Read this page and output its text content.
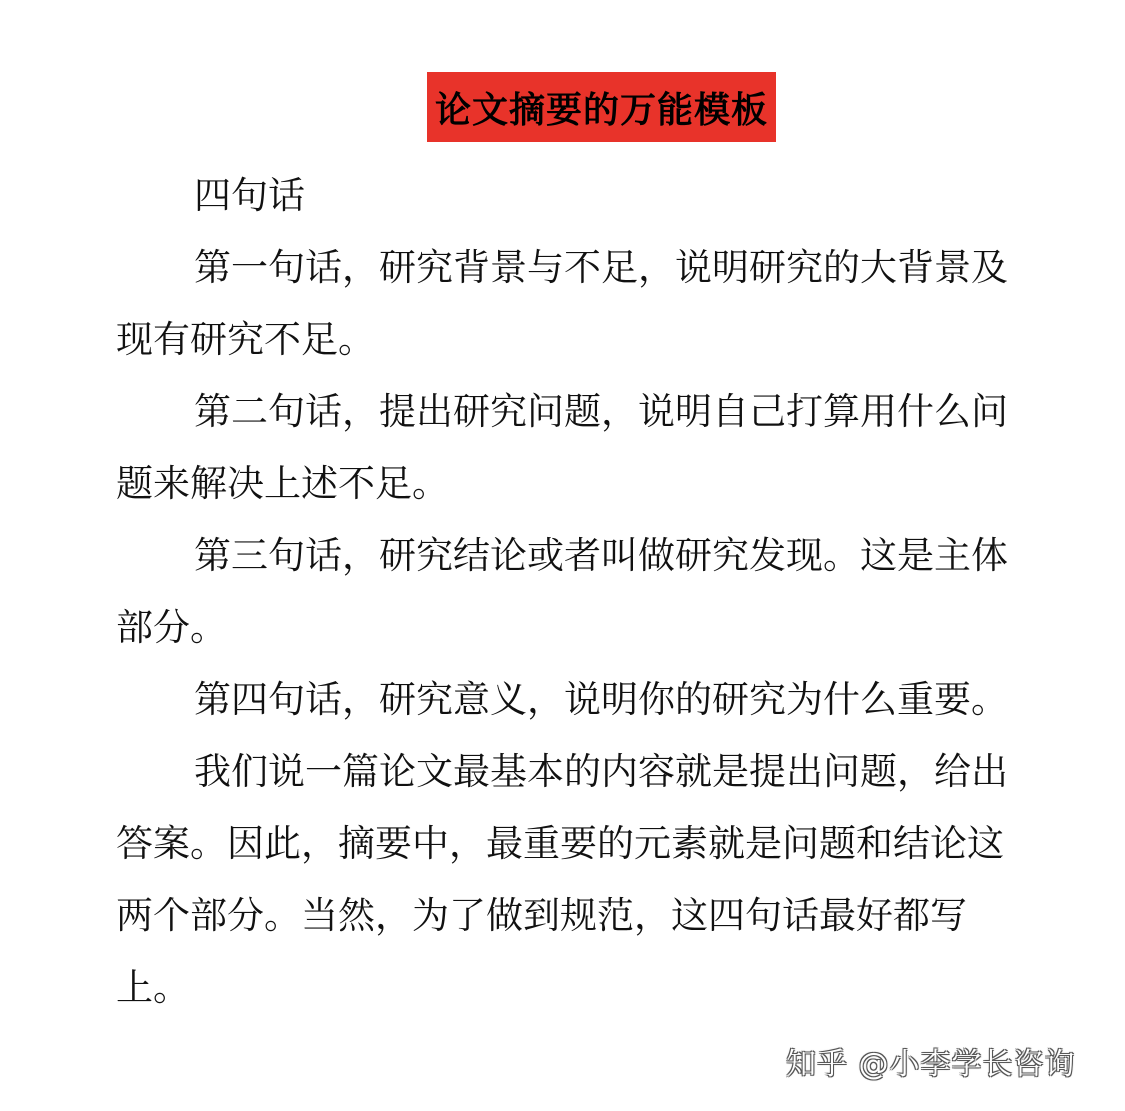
论文摘要的万能模板

四句话

第一句话，研究背景与不足，说明研究的大背景及现有研究不足。

第二句话，提出研究问题，说明自己打算用什么问题来解决上述不足。

第三句话，研究结论或者叫做研究发现。这是主体部分。

第四句话，研究意义，说明你的研究为什么重要。

我们说一篇论文最基本的内容就是提出问题，给出答案。因此，摘要中，最重要的元素就是问题和结论这两个部分。当然，为了做到规范，这四句话最好都写上。

知乎 @小李学长咨询
